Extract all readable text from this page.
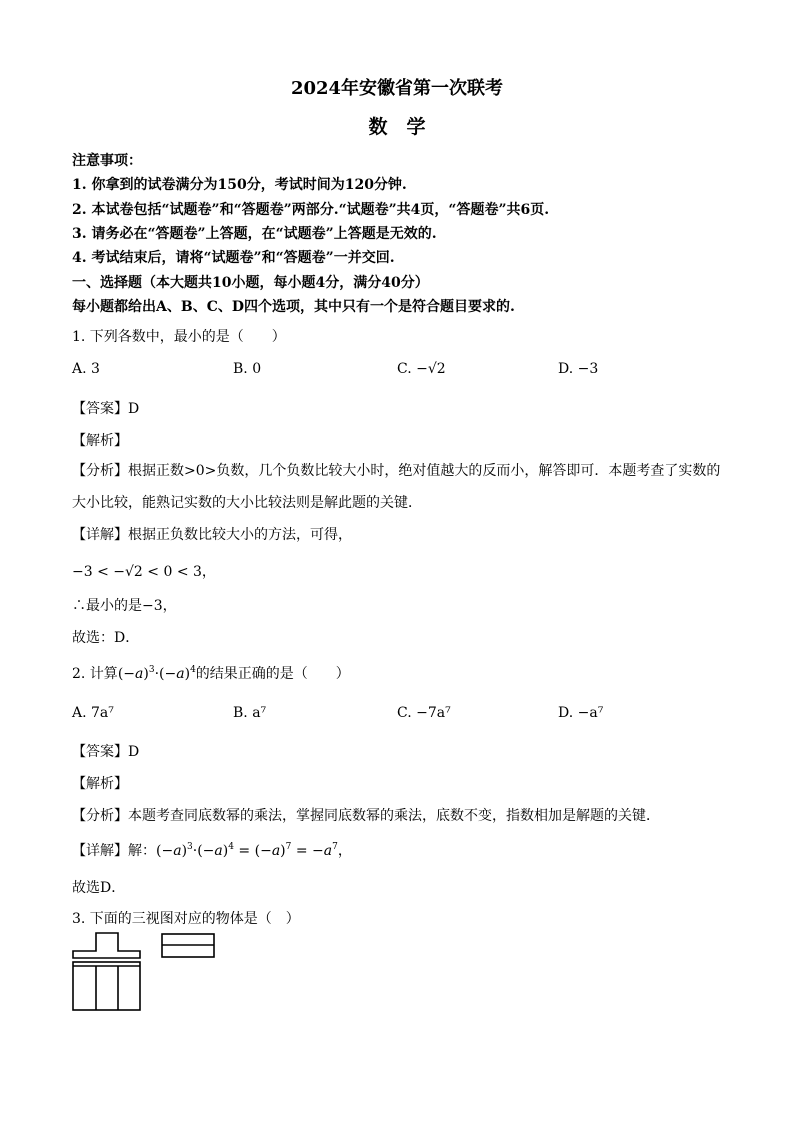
2024年安徽省第一次联考
数　学
注意事项：
1. 你拿到的试卷满分为150分，考试时间为120分钟.
2. 本试卷包括“试题卷”和“答题卷”两部分.“试题卷”共4页，“答题卷”共6页.
3. 请务必在“答题卷”上答题，在“试题卷”上答题是无效的.
4. 考试结束后，请将“试题卷”和“答题卷”一并交回.
一、选择题（本大题共10小题，每小题4分，满分40分）
每小题都给出A、B、C、D四个选项，其中只有一个是符合题目要求的.
1. 下列各数中，最小的是（　　）
A. 3	B. 0	C. −√2	D. −3
【答案】D
【解析】
【分析】根据正数>0>负数，几个负数比较大小时，绝对值越大的反而小，解答即可．本题考查了实数的
大小比较，能熟记实数的大小比较法则是解此题的关键．
【详解】根据正负数比较大小的方法，可得，
−3 < −√2 < 0 < 3，
∴最小的是−3，
故选：D．
2. 计算$(-a)^3\cdot(-a)^4$的结果正确的是（　　）
A. 7a⁷	B. a⁷	C. −7a⁷	D. −a⁷
【答案】D
【解析】
【分析】本题考查同底数幂的乘法，掌握同底数幂的乘法，底数不变，指数相加是解题的关键．
【详解】解：$(-a)^3\cdot(-a)^4 = (-a)^7 = -a^7$，
故选D．
3. 下面的三视图对应的物体是（　）
